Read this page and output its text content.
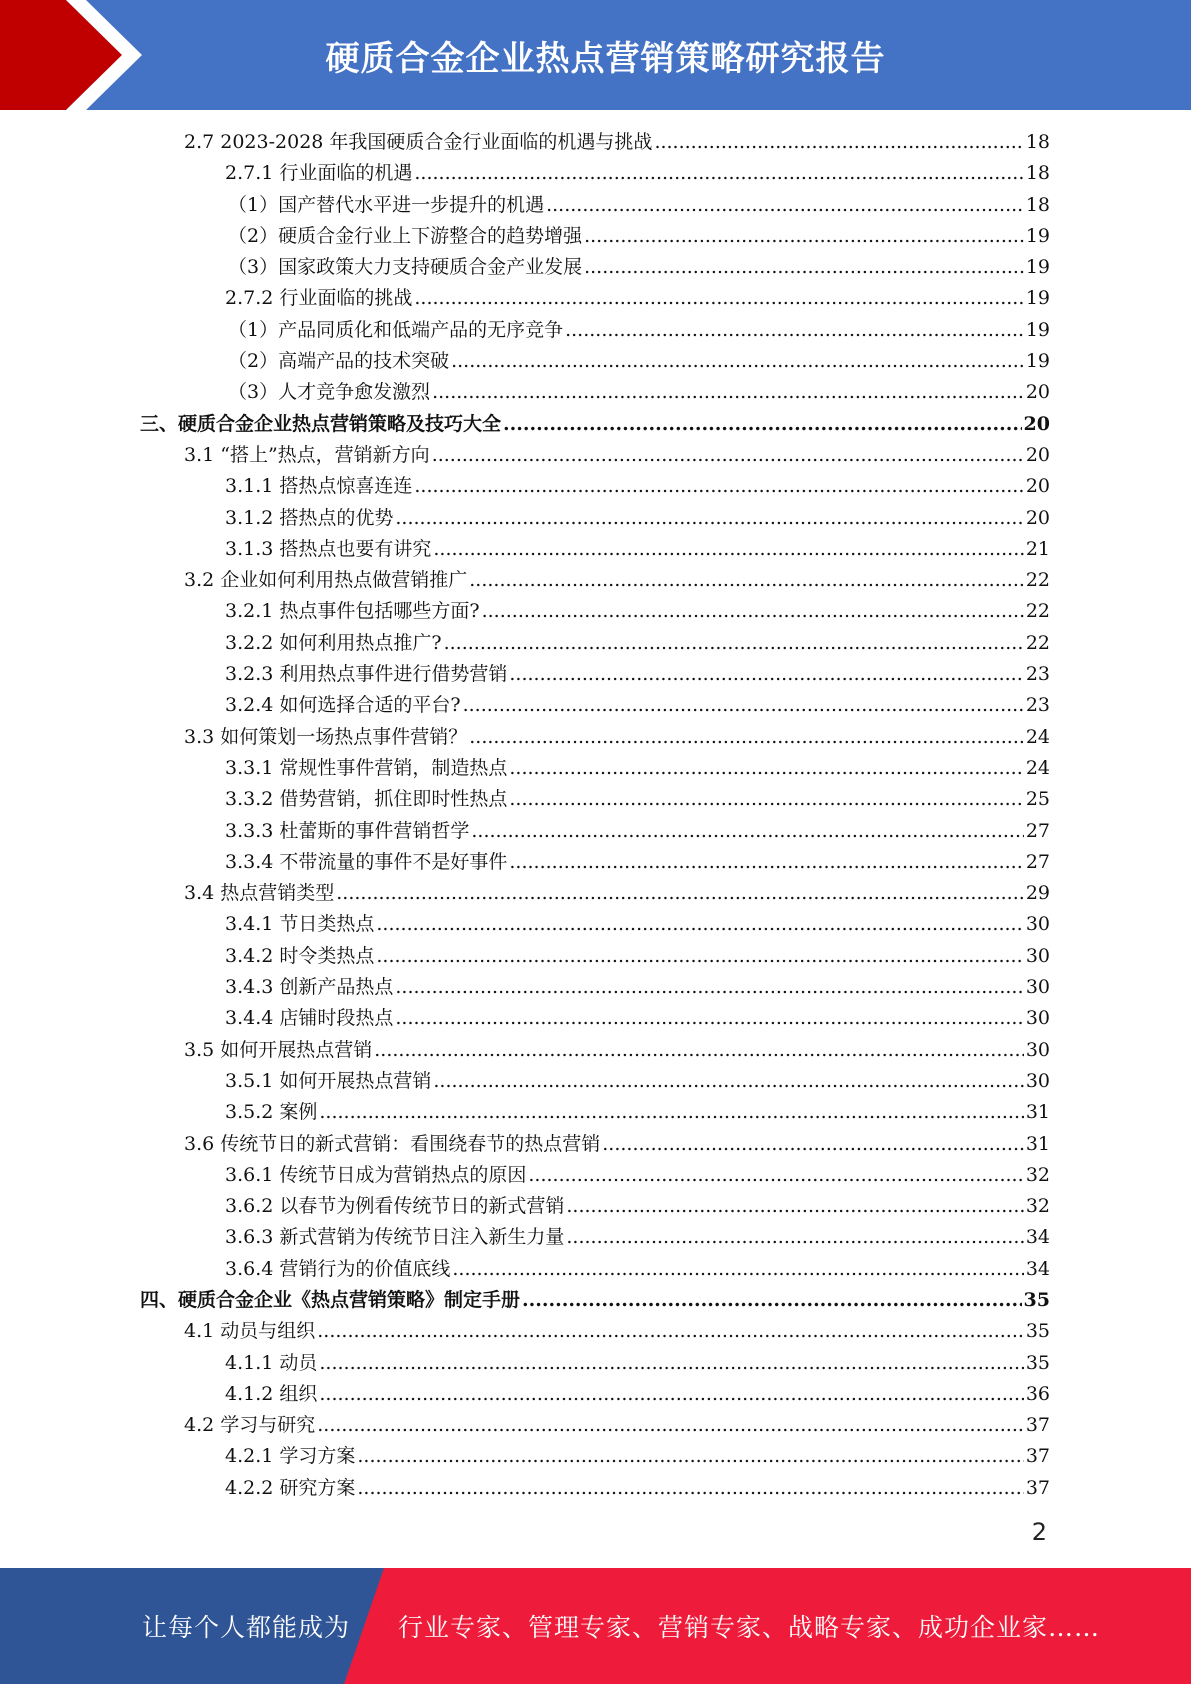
硬质合金企业热点营销策略研究报告
2.7 2023-2028 年我国硬质合金行业面临的机遇与挑战 .....	18
2.7.1 行业面临的机遇 .....	18
（1）国产替代水平进一步提升的机遇 .....	18
（2）硬质合金行业上下游整合的趋势增强 .....	19
（3）国家政策大力支持硬质合金产业发展 .....	19
2.7.2 行业面临的挑战 .....	19
（1）产品同质化和低端产品的无序竞争 .....	19
（2）高端产品的技术突破 .....	19
（3）人才竞争愈发激烈 .....	20
三、硬质合金企业热点营销策略及技巧大全 .....	20
3.1 “搭上”热点，营销新方向 .....	20
3.1.1 搭热点惊喜连连 .....	20
3.1.2 搭热点的优势 .....	20
3.1.3 搭热点也要有讲究 .....	21
3.2 企业如何利用热点做营销推广 .....	22
3.2.1 热点事件包括哪些方面? .....	22
3.2.2 如何利用热点推广? .....	22
3.2.3 利用热点事件进行借势营销 .....	23
3.2.4 如何选择合适的平台? .....	23
3.3 如何策划一场热点事件营销？ .....	24
3.3.1 常规性事件营销，制造热点 .....	24
3.3.2 借势营销，抓住即时性热点 .....	25
3.3.3 杜蕾斯的事件营销哲学 .....	27
3.3.4 不带流量的事件不是好事件 .....	27
3.4 热点营销类型 .....	29
3.4.1 节日类热点 .....	30
3.4.2 时令类热点 .....	30
3.4.3 创新产品热点 .....	30
3.4.4 店铺时段热点 .....	30
3.5 如何开展热点营销 .....	30
3.5.1 如何开展热点营销 .....	30
3.5.2 案例 .....	31
3.6 传统节日的新式营销：看围绕春节的热点营销 .....	31
3.6.1 传统节日成为营销热点的原因 .....	32
3.6.2 以春节为例看传统节日的新式营销 .....	32
3.6.3 新式营销为传统节日注入新生力量 .....	34
3.6.4 营销行为的价值底线 .....	34
四、硬质合金企业《热点营销策略》制定手册 .....	35
4.1 动员与组织 .....	35
4.1.1 动员 .....	35
4.1.2 组织 .....	36
4.2 学习与研究 .....	37
4.2.1 学习方案 .....	37
4.2.2 研究方案 .....	37
2
让每个人都能成为 行业专家、管理专家、营销专家、战略专家、成功企业家……
